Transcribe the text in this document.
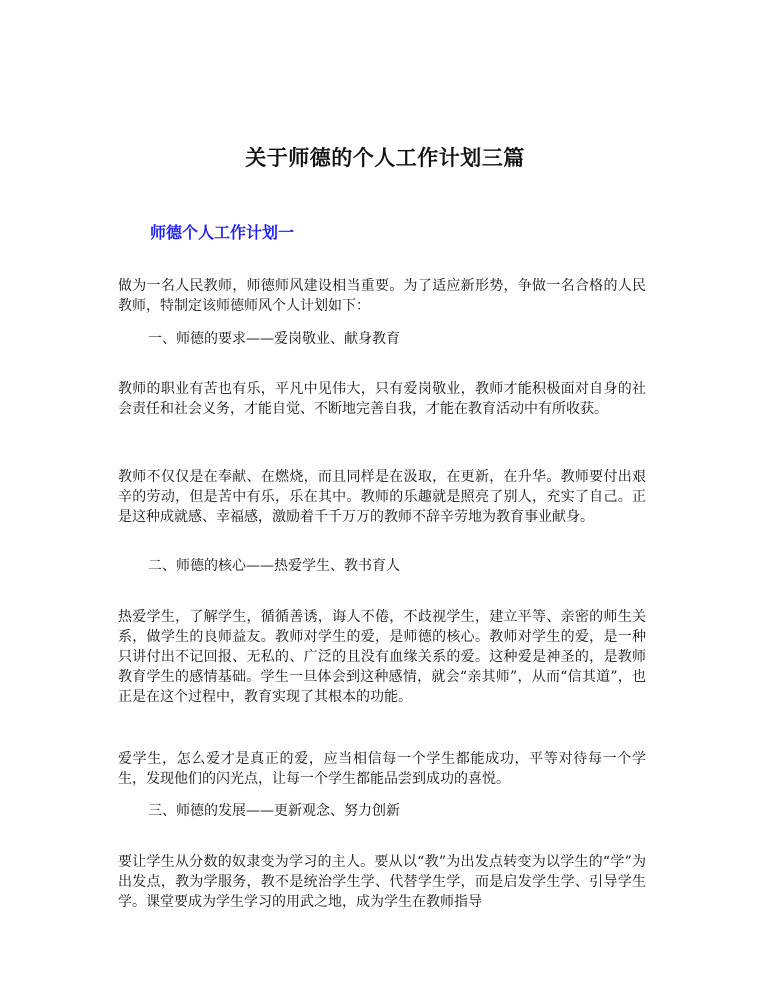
关于师德的个人工作计划三篇
师德个人工作计划一

做为一名人民教师，师德师风建设相当重要。为了适应新形势，争做一名合格的人民教师，特制定该师德师风个人计划如下：

一、师德的要求——爱岗敬业、献身教育

教师的职业有苦也有乐，平凡中见伟大，只有爱岗敬业，教师才能积极面对自身的社会责任和社会义务，才能自觉、不断地完善自我，才能在教育活动中有所收获。

教师不仅仅是在奉献、在燃烧，而且同样是在汲取，在更新，在升华。教师要付出艰辛的劳动，但是苦中有乐，乐在其中。教师的乐趣就是照亮了别人，充实了自己。正是这种成就感、幸福感，激励着千千万万的教师不辞辛劳地为教育事业献身。

二、师德的核心——热爱学生、教书育人

热爱学生，了解学生，循循善诱，诲人不倦，不歧视学生，建立平等、亲密的师生关系，做学生的良师益友。教师对学生的爱，是师德的核心。教师对学生的爱，是一种只讲付出不记回报、无私的、广泛的且没有血缘关系的爱。这种爱是神圣的，是教师教育学生的感情基础。学生一旦体会到这种感情，就会“亲其师”，从而“信其道”，也正是在这个过程中，教育实现了其根本的功能。

爱学生，怎么爱才是真正的爱，应当相信每一个学生都能成功，平等对待每一个学生，发现他们的闪光点，让每一个学生都能品尝到成功的喜悦。

三、师德的发展——更新观念、努力创新

要让学生从分数的奴隶变为学习的主人。要从以“教”为出发点转变为以学生的“学”为出发点，教为学服务，教不是统治学生学、代替学生学，而是启发学生学、引导学生学。课堂要成为学生学习的用武之地，成为学生在教师指导
